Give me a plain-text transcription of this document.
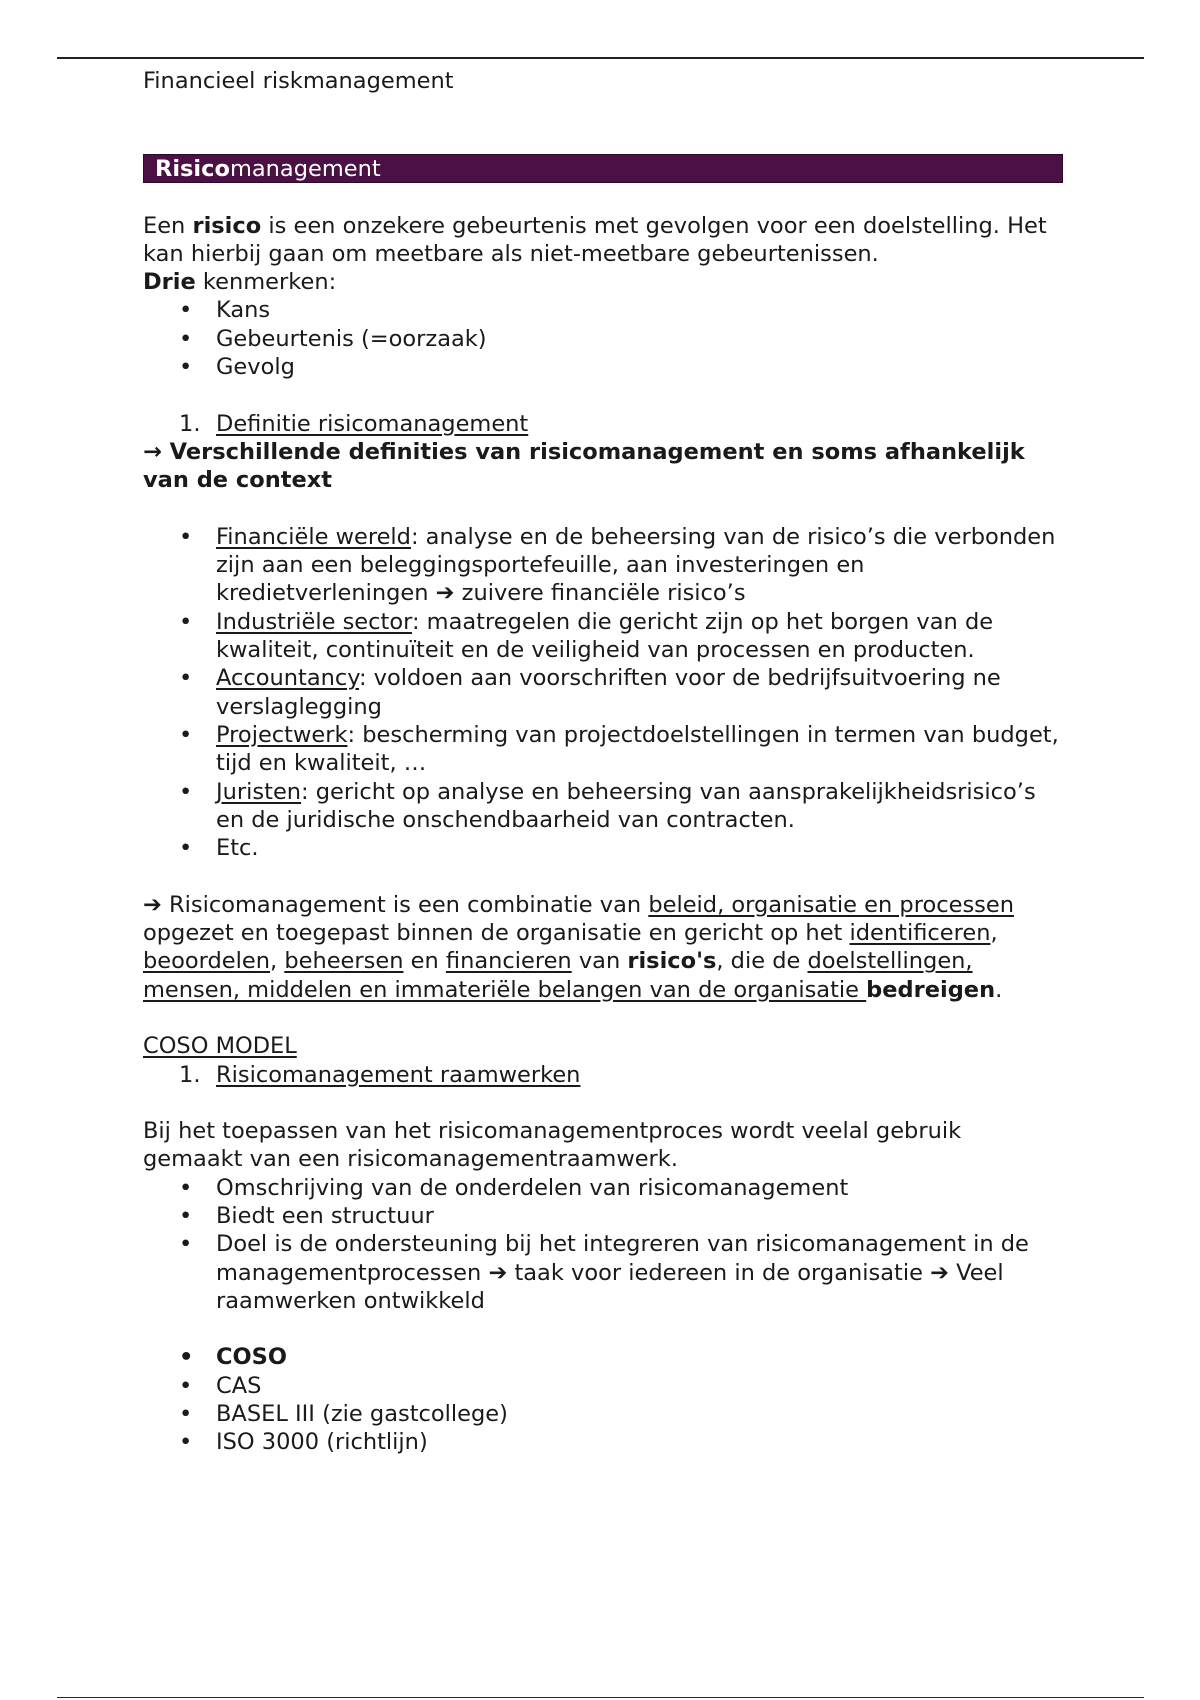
Financieel riskmanagement

Risicomanagement

Een risico is een onzekere gebeurtenis met gevolgen voor een doelstelling. Het kan hierbij gaan om meetbare als niet-meetbare gebeurtenissen.

Drie kenmerken:

• Kans
• Gebeurtenis (=oorzaak)
• Gevolg
1. Definitie risicomanagement

→ Verschillende definities van risicomanagement en soms afhankelijk van de context

• Financiële wereld: analyse en de beheersing van de risico’s die verbonden zijn aan een beleggingsportefeuille, aan investeringen en kredietverleningen ➔ zuivere financiële risico’s
• Industriële sector: maatregelen die gericht zijn op het borgen van de kwaliteit, continuïteit en de veiligheid van processen en producten.
• Accountancy: voldoen aan voorschriften voor de bedrijfsuitvoering ne verslaglegging
• Projectwerk: bescherming van projectdoelstellingen in termen van budget, tijd en kwaliteit, …
• Juristen: gericht op analyse en beheersing van aansprakelijkheidsrisico’s en de juridische onschendbaarheid van contracten.
• Etc.

➔ Risicomanagement is een combinatie van beleid, organisatie en processen opgezet en toegepast binnen de organisatie en gericht op het identificeren, beoordelen, beheersen en financieren van risico's, die de doelstellingen, mensen, middelen en immateriële belangen van de organisatie bedreigen.

COSO MODEL

1. Risicomanagement raamwerken

Bij het toepassen van het risicomanagementproces wordt veelal gebruik gemaakt van een risicomanagementraamwerk.

• Omschrijving van de onderdelen van risicomanagement
• Biedt een structuur
• Doel is de ondersteuning bij het integreren van risicomanagement in de managementprocessen ➔ taak voor iedereen in de organisatie ➔ Veel raamwerken ontwikkeld
• COSO
• CAS
• BASEL III (zie gastcollege)
• ISO 3000 (richtlijn)
